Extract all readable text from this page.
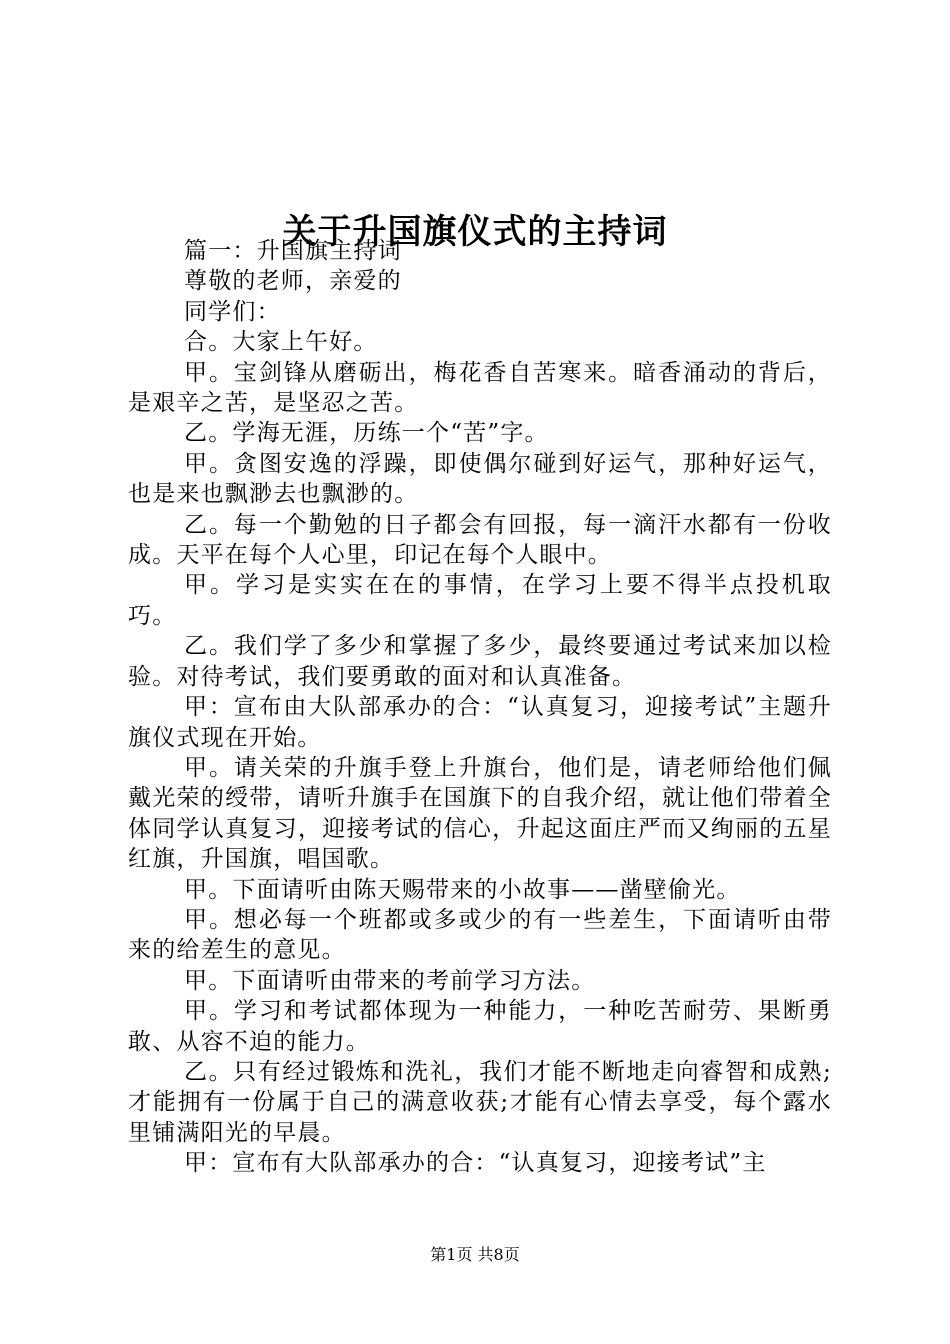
关于升国旗仪式的主持词

篇一：升国旗主持词

尊敬的老师，亲爱的

同学们：

合。大家上午好。

甲。宝剑锋从磨砺出，梅花香自苦寒来。暗香涌动的背后，是艰辛之苦，是坚忍之苦。

乙。学海无涯，历练一个“苦”字。

甲。贪图安逸的浮躁，即使偶尔碰到好运气，那种好运气，也是来也飘渺去也飘渺的。

乙。每一个勤勉的日子都会有回报，每一滴汗水都有一份收成。天平在每个人心里，印记在每个人眼中。

甲。学习是实实在在的事情，在学习上要不得半点投机取巧。

乙。我们学了多少和掌握了多少，最终要通过考试来加以检验。对待考试，我们要勇敢的面对和认真准备。

甲：宣布由大队部承办的合：“认真复习，迎接考试”主题升旗仪式现在开始。

甲。请关荣的升旗手登上升旗台，他们是，请老师给他们佩戴光荣的绶带，请听升旗手在国旗下的自我介绍，就让他们带着全体同学认真复习，迎接考试的信心，升起这面庄严而又绚丽的五星红旗，升国旗，唱国歌。

甲。下面请听由陈天赐带来的小故事——凿壁偷光。

甲。想必每一个班都或多或少的有一些差生，下面请听由带来的给差生的意见。

甲。下面请听由带来的考前学习方法。

甲。学习和考试都体现为一种能力，一种吃苦耐劳、果断勇敢、从容不迫的能力。

乙。只有经过锻炼和洗礼，我们才能不断地走向睿智和成熟;才能拥有一份属于自己的满意收获;才能有心情去享受，每个露水里铺满阳光的早晨。

甲：宣布有大队部承办的合：“认真复习，迎接考试”主

第1页 共8页
